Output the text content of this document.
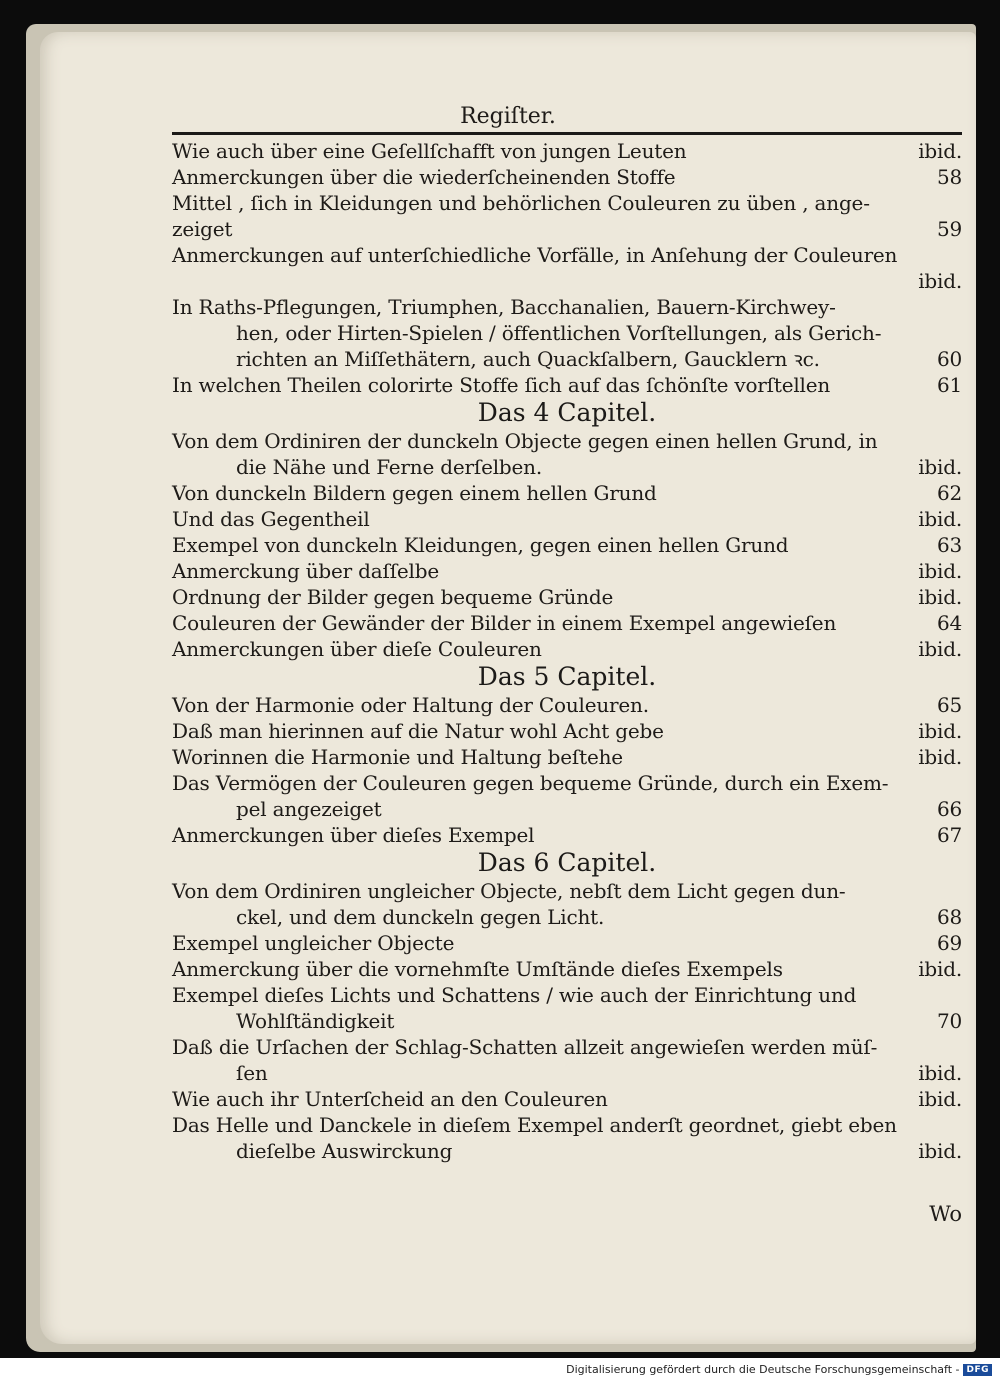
Regiſter.
Wie auch über eine Geſellſchafft von jungen Leuten	ibid.
Anmerckungen über die wiederſcheinenden Stoffe	58
Mittel , ſich in Kleidungen und behörlichen Couleuren zu üben , ange-
zeiget	59
Anmerckungen auf unterſchiedliche Vorfälle, in Anſehung der Couleuren
ibid.
In Raths-Pflegungen, Triumphen, Bacchanalien, Bauern-Kirchwey-
hen, oder Hirten-Spielen / öffentlichen Vorſtellungen, als Gerich-
richten an Miſſethätern, auch Quackſalbern, Gaucklern ꝛc.	60
In welchen Theilen colorirte Stoffe ſich auf das ſchönſte vorſtellen	61
Das 4 Capitel.
Von dem Ordiniren der dunckeln Objecte gegen einen hellen Grund, in
die Nähe und Ferne derſelben.	ibid.
Von dunckeln Bildern gegen einem hellen Grund	62
Und das Gegentheil	ibid.
Exempel von dunckeln Kleidungen, gegen einen hellen Grund	63
Anmerckung über daſſelbe	ibid.
Ordnung der Bilder gegen bequeme Gründe	ibid.
Couleuren der Gewänder der Bilder in einem Exempel angewieſen	64
Anmerckungen über dieſe Couleuren	ibid.
Das 5 Capitel.
Von der Harmonie oder Haltung der Couleuren.	65
Daß man hierinnen auf die Natur wohl Acht gebe	ibid.
Worinnen die Harmonie und Haltung beſtehe	ibid.
Das Vermögen der Couleuren gegen bequeme Gründe, durch ein Exem-
pel angezeiget	66
Anmerckungen über dieſes Exempel	67
Das 6 Capitel.
Von dem Ordiniren ungleicher Objecte, nebſt dem Licht gegen dun-
ckel, und dem dunckeln gegen Licht.	68
Exempel ungleicher Objecte	69
Anmerckung über die vornehmſte Umſtände dieſes Exempels	ibid.
Exempel dieſes Lichts und Schattens / wie auch der Einrichtung und
Wohlſtändigkeit	70
Daß die Urſachen der Schlag-Schatten allzeit angewieſen werden müſ-
ſen	ibid.
Wie auch ihr Unterſcheid an den Couleuren	ibid.
Das Helle und Danckele in dieſem Exempel anderſt geordnet, giebt eben
dieſelbe Auswirckung	ibid.
Wo
Digitalisierung gefördert durch die Deutsche Forschungsgemeinschaft - DFG
